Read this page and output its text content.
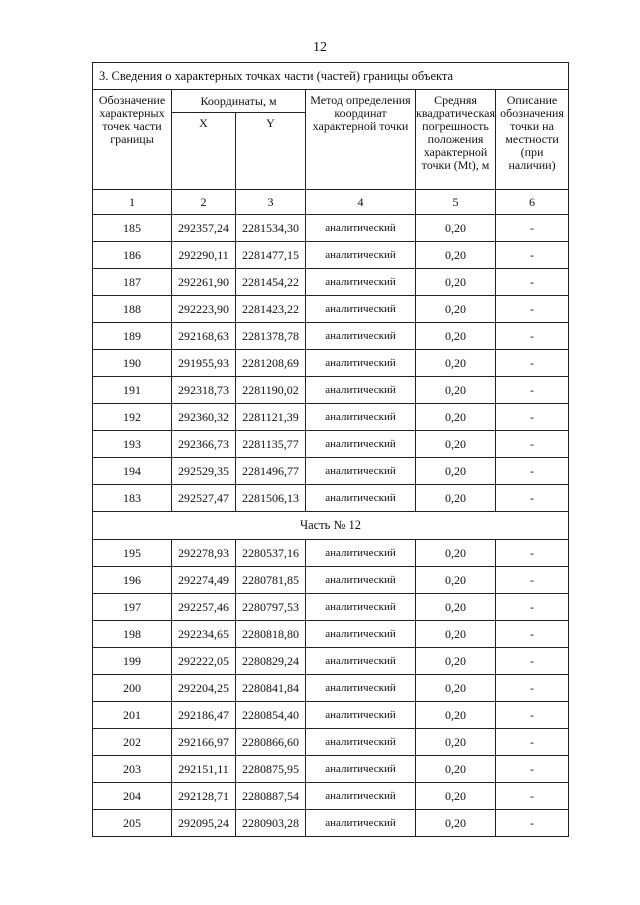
12
3. Сведения о характерных точках части (частей) границы объекта					
Обозначение характерных точек части границы	Координаты, м		Метод определения координат характерной точки	Средняя квадратическая погрешность положения характерной точки (Mt), м	Описание обозначения точки на местности (при наличии)
	X	Y			
1	2	3	4	5	6
185	292357,24	2281534,30	аналитический	0,20	-
186	292290,11	2281477,15	аналитический	0,20	-
187	292261,90	2281454,22	аналитический	0,20	-
188	292223,90	2281423,22	аналитический	0,20	-
189	292168,63	2281378,78	аналитический	0,20	-
190	291955,93	2281208,69	аналитический	0,20	-
191	292318,73	2281190,02	аналитический	0,20	-
192	292360,32	2281121,39	аналитический	0,20	-
193	292366,73	2281135,77	аналитический	0,20	-
194	292529,35	2281496,77	аналитический	0,20	-
183	292527,47	2281506,13	аналитический	0,20	-
Часть № 12					
195	292278,93	2280537,16	аналитический	0,20	-
196	292274,49	2280781,85	аналитический	0,20	-
197	292257,46	2280797,53	аналитический	0,20	-
198	292234,65	2280818,80	аналитический	0,20	-
199	292222,05	2280829,24	аналитический	0,20	-
200	292204,25	2280841,84	аналитический	0,20	-
201	292186,47	2280854,40	аналитический	0,20	-
202	292166,97	2280866,60	аналитический	0,20	-
203	292151,11	2280875,95	аналитический	0,20	-
204	292128,71	2280887,54	аналитический	0,20	-
205	292095,24	2280903,28	аналитический	0,20	-
